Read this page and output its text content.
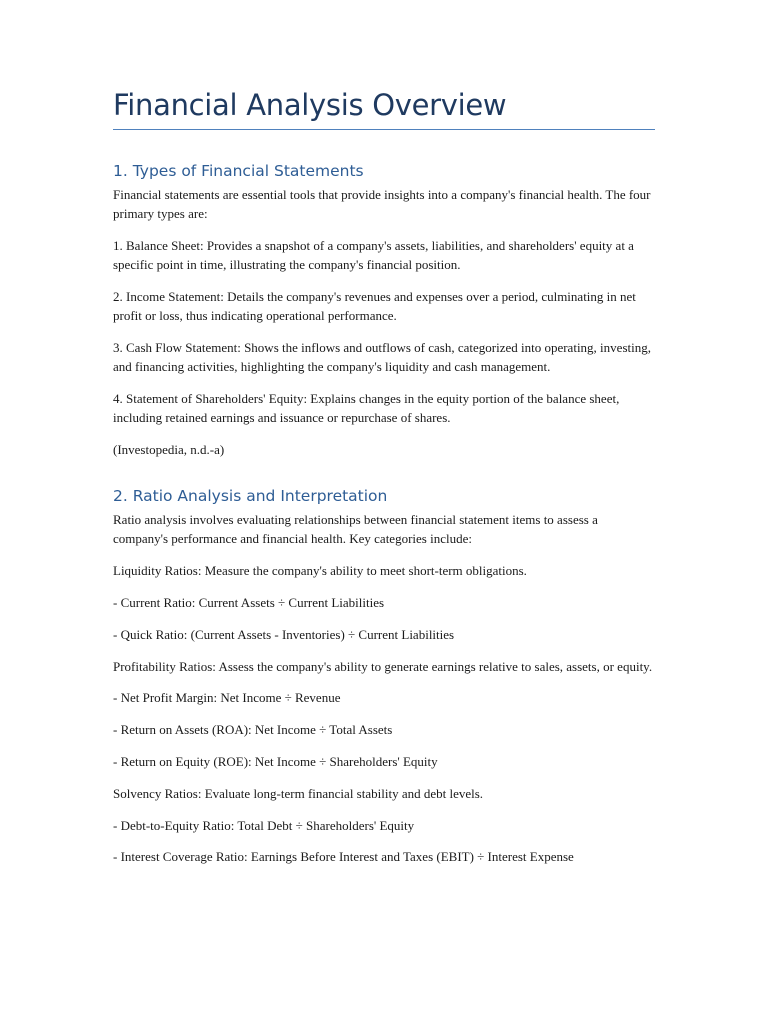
Financial Analysis Overview
1. Types of Financial Statements

Financial statements are essential tools that provide insights into a company's financial health. The four primary types are:

1. Balance Sheet: Provides a snapshot of a company's assets, liabilities, and shareholders' equity at a specific point in time, illustrating the company's financial position.

2. Income Statement: Details the company's revenues and expenses over a period, culminating in net profit or loss, thus indicating operational performance.

3. Cash Flow Statement: Shows the inflows and outflows of cash, categorized into operating, investing, and financing activities, highlighting the company's liquidity and cash management.

4. Statement of Shareholders' Equity: Explains changes in the equity portion of the balance sheet, including retained earnings and issuance or repurchase of shares.

(Investopedia, n.d.-a)

2. Ratio Analysis and Interpretation

Ratio analysis involves evaluating relationships between financial statement items to assess a company's performance and financial health. Key categories include:

Liquidity Ratios: Measure the company's ability to meet short-term obligations.

- Current Ratio: Current Assets ÷ Current Liabilities

- Quick Ratio: (Current Assets - Inventories) ÷ Current Liabilities

Profitability Ratios: Assess the company's ability to generate earnings relative to sales, assets, or equity.

- Net Profit Margin: Net Income ÷ Revenue

- Return on Assets (ROA): Net Income ÷ Total Assets

- Return on Equity (ROE): Net Income ÷ Shareholders' Equity

Solvency Ratios: Evaluate long-term financial stability and debt levels.

- Debt-to-Equity Ratio: Total Debt ÷ Shareholders' Equity

- Interest Coverage Ratio: Earnings Before Interest and Taxes (EBIT) ÷ Interest Expense
